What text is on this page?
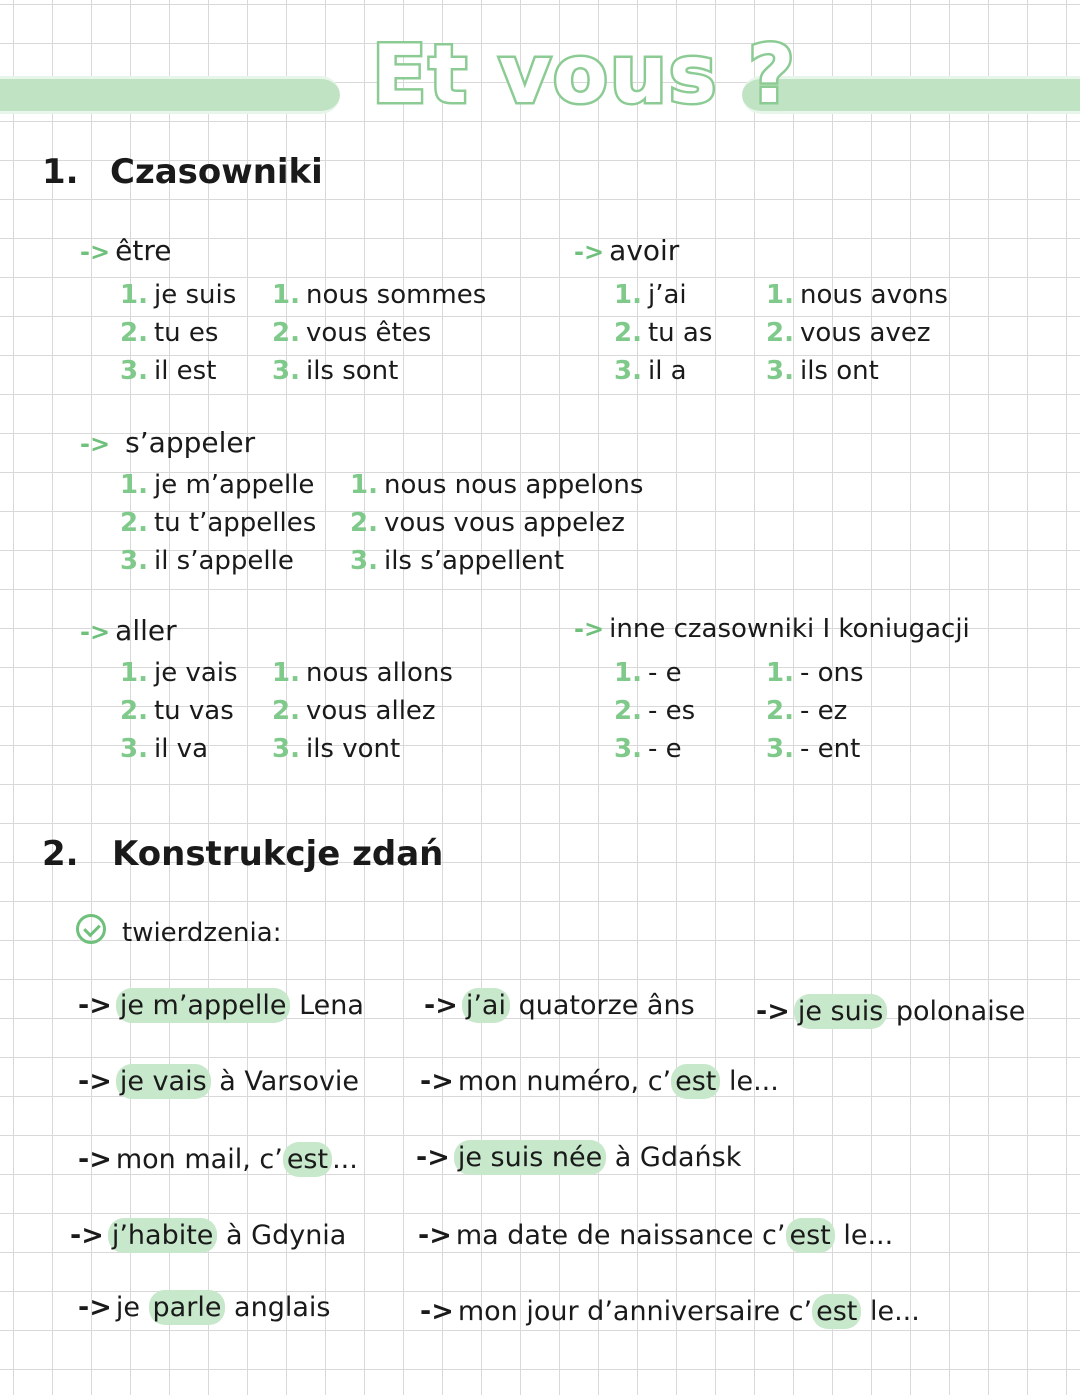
Et vous ?
1. Czasowniki
-> être
1. je suis
2. tu es
3. il est
1. nous sommes
2. vous êtes
3. ils sont
-> avoir
1. j’ai
2. tu as
3. il a
1. nous avons
2. vous avez
3. ils ont
-> s’appeler
1. je m’appelle
2. tu t’appelles
3. il s’appelle
1. nous nous appelons
2. vous vous appelez
3. ils s’appellent
-> aller
1. je vais
2. tu vas
3. il va
1. nous allons
2. vous allez
3. ils vont
-> inne czasowniki I koniugacji
1. - e
2. - es
3. - e
1. - ons
2. - ez
3. - ent
2. Konstrukcje zdań
twierdzenia:
-> je m’appelle Lena -> j’ai quatorze âns -> je suis polonaise
-> je vais à Varsovie -> mon numéro, c’ est le...
-> mon mail, c’ est ... -> je suis née à Gdańsk
-> j’habite à Gdynia	-> ma date de naissance c’ est le...
-> je parle anglais	-> mon jour d’anniversaire c’ est le...
